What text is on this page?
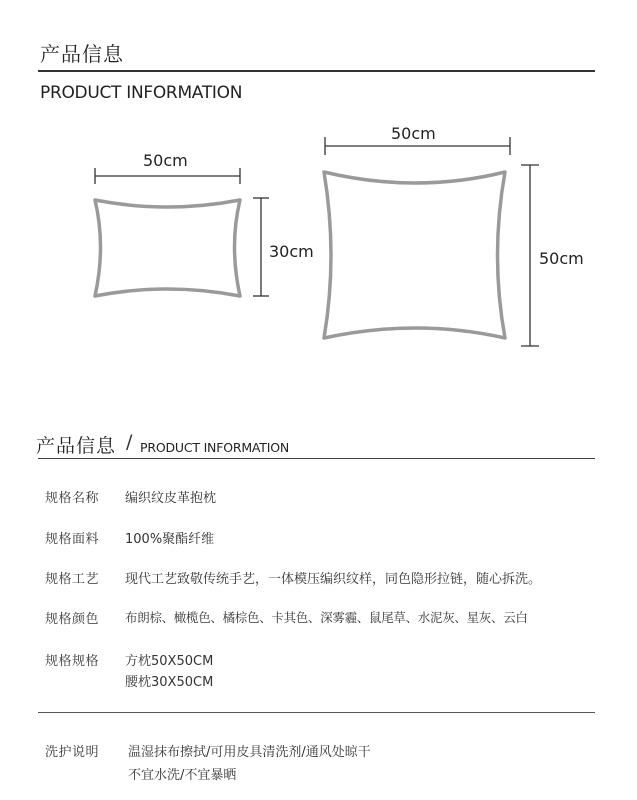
产品信息
PRODUCT INFORMATION
50cm
30cm
50cm
50cm
产品信息 / PRODUCT INFORMATION
规格名称 编织纹皮革抱枕
规格面料 100%聚酯纤维
规格工艺 现代工艺致敬传统手艺，一体模压编织纹样，同色隐形拉链，随心拆洗。
规格颜色 布朗棕、橄榄色、橘棕色、卡其色、深雾霾、鼠尾草、水泥灰、星灰、云白
规格规格 方枕50X50CM
腰枕30X50CM
洗护说明 温湿抹布擦拭/可用皮具清洗剂/通风处晾干
不宜水洗/不宜暴晒
